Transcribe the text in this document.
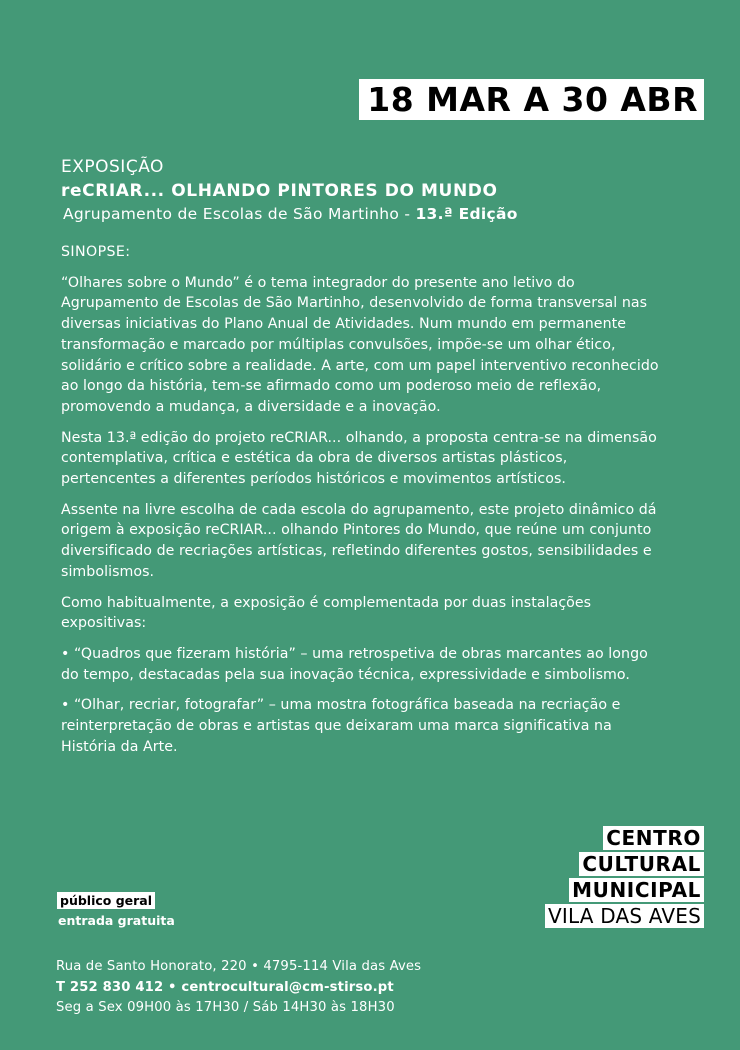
18 MAR A 30 ABR
EXPOSIÇÃO
reCRIAR... OLHANDO PINTORES DO MUNDO
Agrupamento de Escolas de São Martinho - 13.ª Edição

SINOPSE:

“Olhares sobre o Mundo” é o tema integrador do presente ano letivo do Agrupamento de Escolas de São Martinho, desenvolvido de forma transversal nas diversas iniciativas do Plano Anual de Atividades. Num mundo em permanente transformação e marcado por múltiplas convulsões, impõe-se um olhar ético, solidário e crítico sobre a realidade. A arte, com um papel interventivo reconhecido ao longo da história, tem-se afirmado como um poderoso meio de reflexão, promovendo a mudança, a diversidade e a inovação.

Nesta 13.ª edição do projeto reCRIAR... olhando, a proposta centra-se na dimensão contemplativa, crítica e estética da obra de diversos artistas plásticos, pertencentes a diferentes períodos históricos e movimentos artísticos.

Assente na livre escolha de cada escola do agrupamento, este projeto dinâmico dá origem à exposição reCRIAR... olhando Pintores do Mundo, que reúne um conjunto diversificado de recriações artísticas, refletindo diferentes gostos, sensibilidades e simbolismos.

Como habitualmente, a exposição é complementada por duas instalações expositivas:

• “Quadros que fizeram história” – uma retrospetiva de obras marcantes ao longo do tempo, destacadas pela sua inovação técnica, expressividade e simbolismo.

• “Olhar, recriar, fotografar” – uma mostra fotográfica baseada na recriação e reinterpretação de obras e artistas que deixaram uma marca significativa na História da Arte.

público geral
entrada gratuita
CENTRO
CULTURAL
MUNICIPAL
VILA DAS AVES
Rua de Santo Honorato, 220 • 4795-114 Vila das Aves
T 252 830 412 • centrocultural@cm-stirso.pt
Seg a Sex 09H00 às 17H30 / Sáb 14H30 às 18H30
